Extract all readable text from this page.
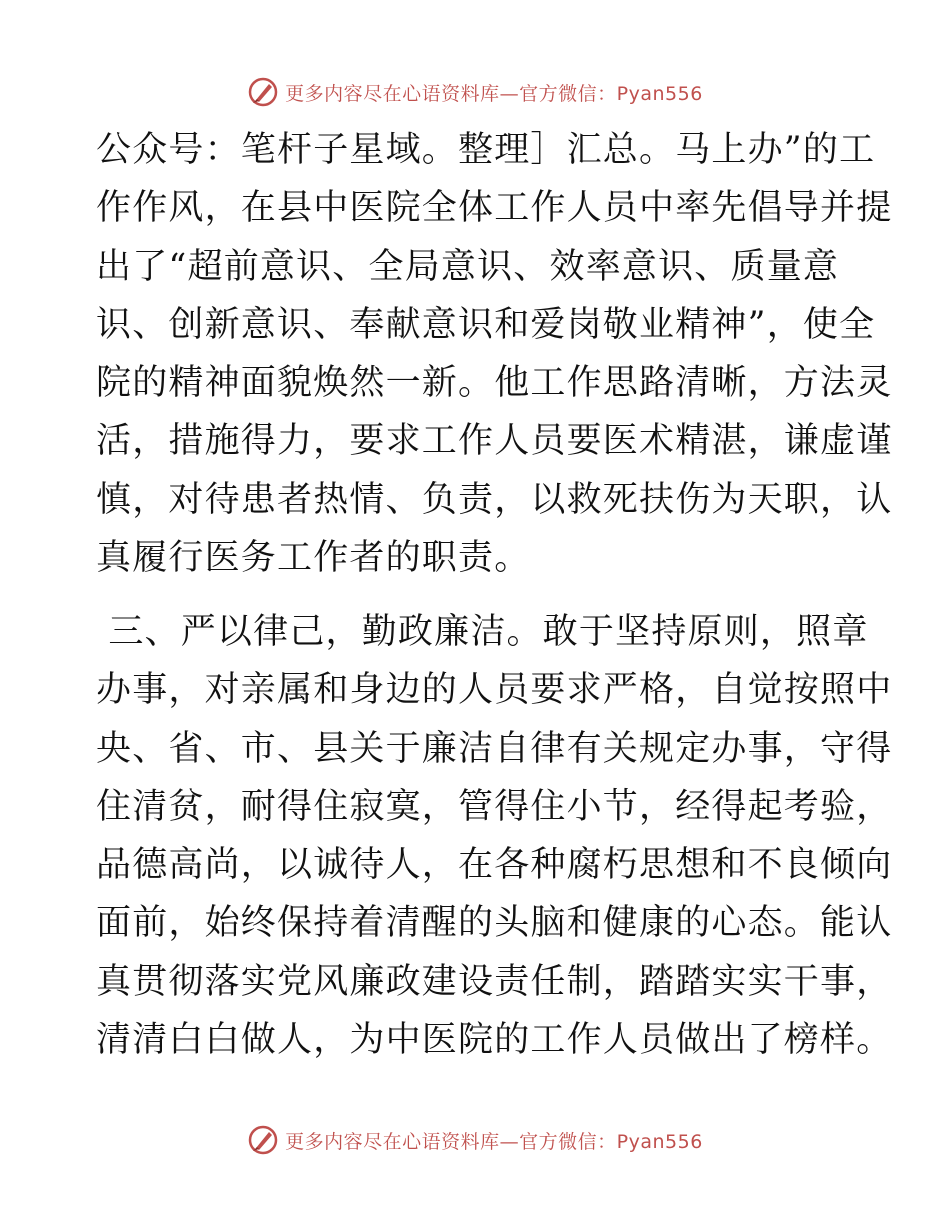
更多内容尽在心语资料库—官方微信：Pyan556
公众号：笔杆子星域。整理］汇总。马上办”的工
作作风，在县中医院全体工作人员中率先倡导并提
出了“超前意识、全局意识、效率意识、质量意
识、创新意识、奉献意识和爱岗敬业精神”，使全
院的精神面貌焕然一新。他工作思路清晰，方法灵
活，措施得力，要求工作人员要医术精湛，谦虚谨
慎，对待患者热情、负责，以救死扶伤为天职，认
真履行医务工作者的职责。
三、严以律己，勤政廉洁。敢于坚持原则，照章
办事，对亲属和身边的人员要求严格，自觉按照中
央、省、市、县关于廉洁自律有关规定办事，守得
住清贫，耐得住寂寞，管得住小节，经得起考验，
品德高尚，以诚待人，在各种腐朽思想和不良倾向
面前，始终保持着清醒的头脑和健康的心态。能认
真贯彻落实党风廉政建设责任制，踏踏实实干事，
清清白白做人，为中医院的工作人员做出了榜样。
更多内容尽在心语资料库—官方微信：Pyan556
